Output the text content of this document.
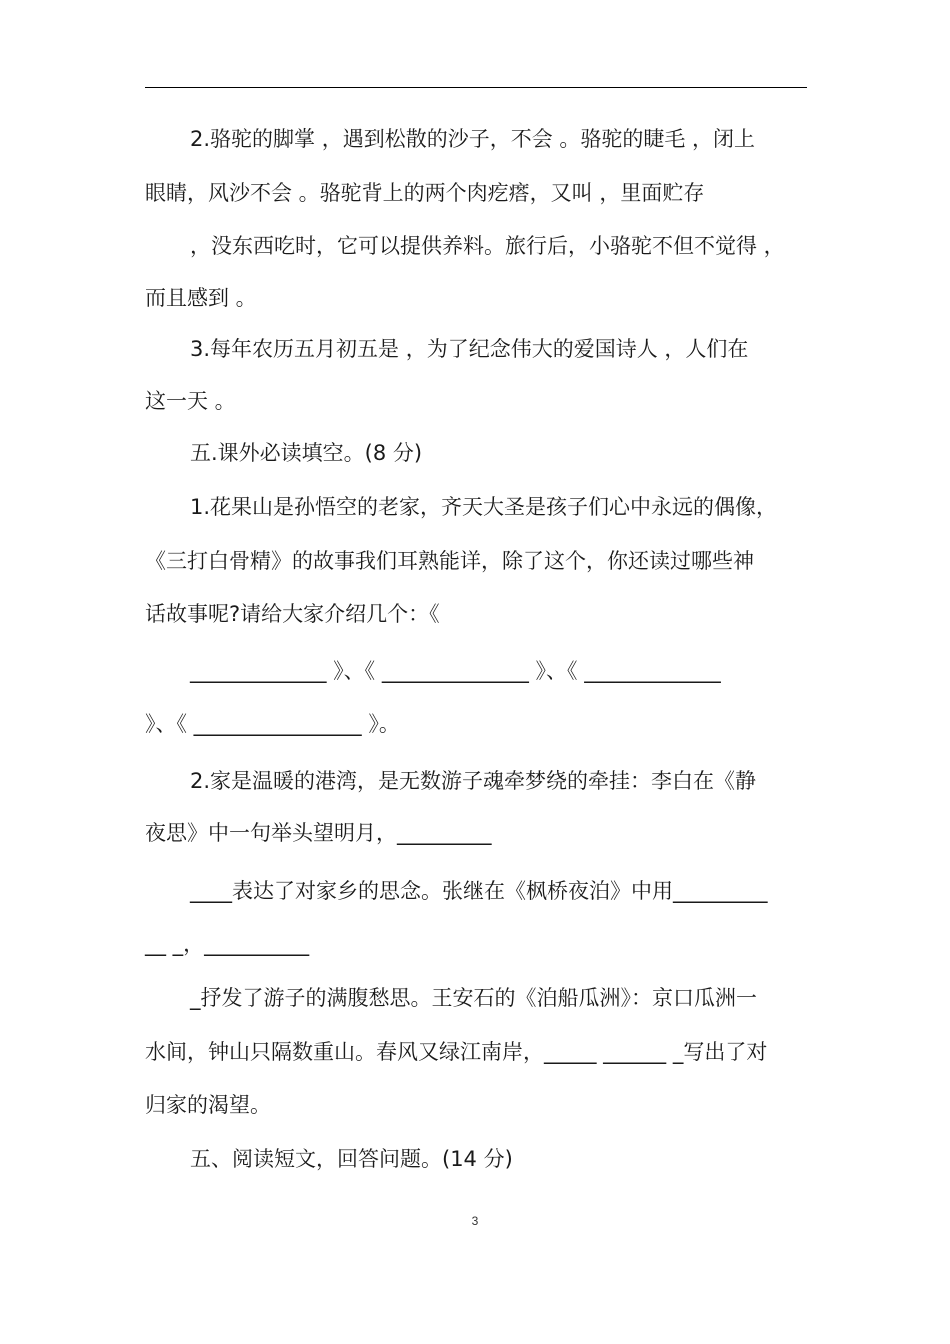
2.骆驼的脚掌 ，遇到松散的沙子，不会 。骆驼的睫毛 ，闭上
眼睛，风沙不会 。骆驼背上的两个肉疙瘩，又叫 ，里面贮存
，没东西吃时，它可以提供养料。旅行后，小骆驼不但不觉得 ，
而且感到 。
3.每年农历五月初五是 ，为了纪念伟大的爱国诗人 ，人们在
这一天 。
五.课外必读填空。(8 分)
1.花果山是孙悟空的老家，齐天大圣是孩子们心中永远的偶像，
《三打白骨精》的故事我们耳熟能详，除了这个，你还读过哪些神
话故事呢?请给大家介绍几个：《
_____________ 》、《 ______________ 》、《 _____________
》、《 ________________ 》。
2.家是温暖的港湾，是无数游子魂牵梦绕的牵挂：李白在《静
夜思》中一句举头望明月，_________
____表达了对家乡的思念。张继在《枫桥夜泊》中用_________
__ _，__________
_抒发了游子的满腹愁思。王安石的《泊船瓜洲》：京口瓜洲一
水间，钟山只隔数重山。春风又绿江南岸，_____ ______ _写出了对
归家的渴望。
五、阅读短文，回答问题。(14 分)
3
